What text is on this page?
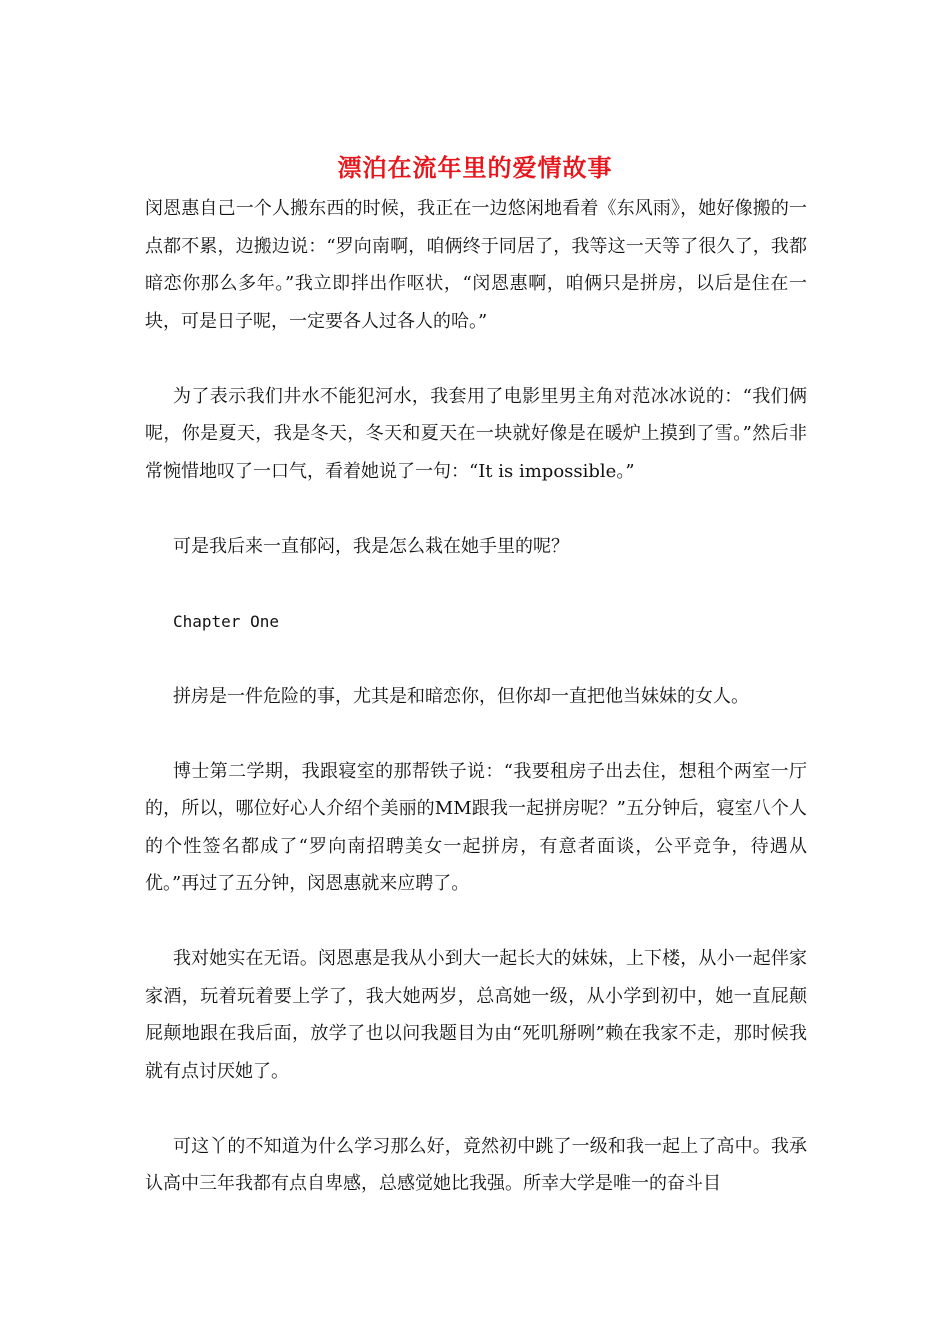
漂泊在流年里的爱情故事

闵恩惠自己一个人搬东西的时候，我正在一边悠闲地看着《东风雨》，她好像搬的一点都不累，边搬边说：“罗向南啊，咱俩终于同居了，我等这一天等了很久了，我都暗恋你那么多年。”我立即拌出作呕状，“闵恩惠啊，咱俩只是拼房，以后是住在一块，可是日子呢，一定要各人过各人的哈。”

为了表示我们井水不能犯河水，我套用了电影里男主角对范冰冰说的：“我们俩呢，你是夏天，我是冬天，冬天和夏天在一块就好像是在暖炉上摸到了雪。”然后非常惋惜地叹了一口气，看着她说了一句：“It is impossible。”

可是我后来一直郁闷，我是怎么栽在她手里的呢？

Chapter One

拼房是一件危险的事，尤其是和暗恋你，但你却一直把他当妹妹的女人。

博士第二学期，我跟寝室的那帮铁子说：“我要租房子出去住，想租个两室一厅的，所以，哪位好心人介绍个美丽的MM跟我一起拼房呢？”五分钟后，寝室八个人的个性签名都成了“罗向南招聘美女一起拼房，有意者面谈，公平竞争，待遇从优。”再过了五分钟，闵恩惠就来应聘了。

我对她实在无语。闵恩惠是我从小到大一起长大的妹妹，上下楼，从小一起伴家家酒，玩着玩着要上学了，我大她两岁，总高她一级，从小学到初中，她一直屁颠屁颠地跟在我后面，放学了也以问我题目为由“死叽掰咧”赖在我家不走，那时候我就有点讨厌她了。

可这丫的不知道为什么学习那么好，竟然初中跳了一级和我一起上了高中。我承认高中三年我都有点自卑感，总感觉她比我强。所幸大学是唯一的奋斗目
